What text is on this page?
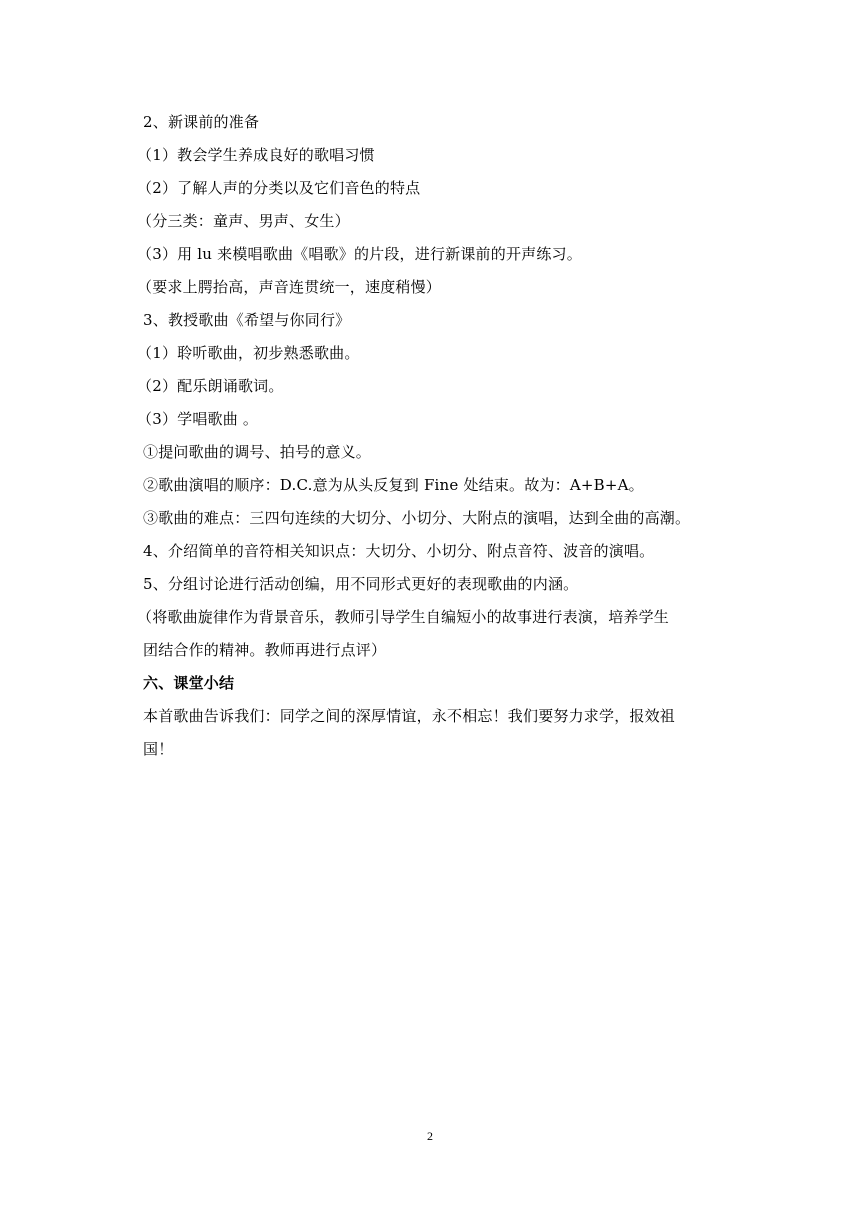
2、新课前的准备
（1）教会学生养成良好的歌唱习惯
（2）了解人声的分类以及它们音色的特点
（分三类：童声、男声、女生）
（3）用 lu 来模唱歌曲《唱歌》的片段，进行新课前的开声练习。
（要求上腭抬高，声音连贯统一，速度稍慢）
3、教授歌曲《希望与你同行》
（1）聆听歌曲，初步熟悉歌曲。
（2）配乐朗诵歌词。
（3）学唱歌曲 。
①提问歌曲的调号、拍号的意义。
②歌曲演唱的顺序：D.C.意为从头反复到 Fine 处结束。故为：A+B+A。
③歌曲的难点：三四句连续的大切分、小切分、大附点的演唱，达到全曲的高潮。
4、介绍简单的音符相关知识点：大切分、小切分、附点音符、波音的演唱。
5、分组讨论进行活动创编，用不同形式更好的表现歌曲的内涵。
（将歌曲旋律作为背景音乐，教师引导学生自编短小的故事进行表演，培养学生
团结合作的精神。教师再进行点评）
六、课堂小结
本首歌曲告诉我们：同学之间的深厚情谊，永不相忘！我们要努力求学，报效祖
国！
2
